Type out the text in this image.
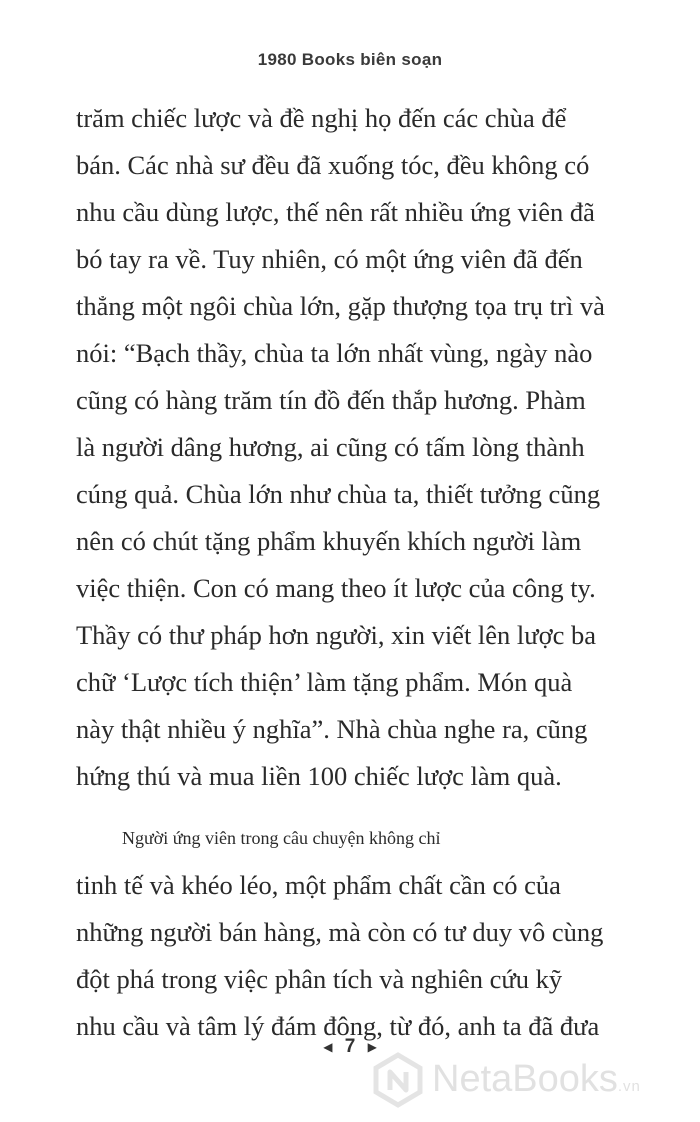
1980 Books biên soạn
trăm chiếc lược và đề nghị họ đến các chùa để
bán. Các nhà sư đều đã xuống tóc, đều không có
nhu cầu dùng lược, thế nên rất nhiều ứng viên đã
bó tay ra về. Tuy nhiên, có một ứng viên đã đến
thẳng một ngôi chùa lớn, gặp thượng tọa trụ trì và
nói: “Bạch thầy, chùa ta lớn nhất vùng, ngày nào
cũng có hàng trăm tín đồ đến thắp hương. Phàm
là người dâng hương, ai cũng có tấm lòng thành
cúng quả. Chùa lớn như chùa ta, thiết tưởng cũng
nên có chút tặng phẩm khuyến khích người làm
việc thiện. Con có mang theo ít lược của công ty.
Thầy có thư pháp hơn người, xin viết lên lược ba
chữ ‘Lược tích thiện’ làm tặng phẩm. Món quà
này thật nhiều ý nghĩa”. Nhà chùa nghe ra, cũng
hứng thú và mua liền 100 chiếc lược làm quà.
Người ứng viên trong câu chuyện không chỉ
tinh tế và khéo léo, một phẩm chất cần có của
những người bán hàng, mà còn có tư duy vô cùng
đột phá trong việc phân tích và nghiên cứu kỹ
nhu cầu và tâm lý đám đông, từ đó, anh ta đã đưa
◀ 7 ▶
NetaBooks.vn
